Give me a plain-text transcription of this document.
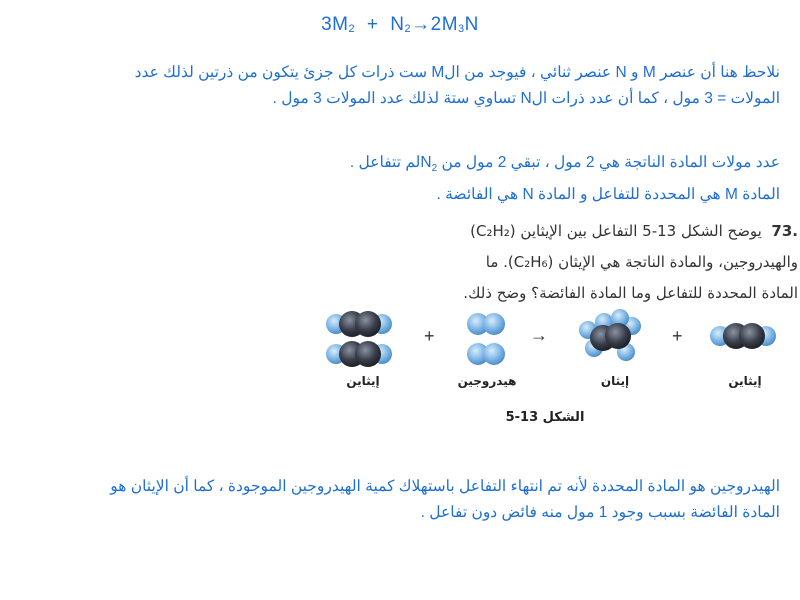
$3M_2 + N_2\to 2M_3N$
نلاحظ هنا أن عنصر M و N عنصر ثنائي ، فيوجد من الM ست ذرات كل جزئ يتكون من ذرتين لذلك عدد
المولات = 3 مول ، كما أن عدد ذرات الN تساوي ستة لذلك عدد المولات 3 مول .
عدد مولات المادة الناتجة هي 2 مول ، تبقي 2 مول من $N_2لم$ تتفاعل .
المادة M هي المحددة للتفاعل و المادة N هي الفائضة .
.73  يوضح الشكل 13-5 التفاعل بين الإيثاين (C₂H₂)
والهيدروجين، والمادة الناتجة هي الإيثان (C₂H₆). ما
المادة المحددة للتفاعل وما المادة الفائضة؟ وضح ذلك.
+	→	+
إيثاين	هيدروجين	إيثان	إيثاين
الشكل 13-5
الهيدروجين هو المادة المحددة لأنه تم انتهاء التفاعل باستهلاك كمية الهيدروجين الموجودة ، كما أن الإيثان هو
المادة الفائضة بسبب وجود 1 مول منه فائض دون تفاعل .
